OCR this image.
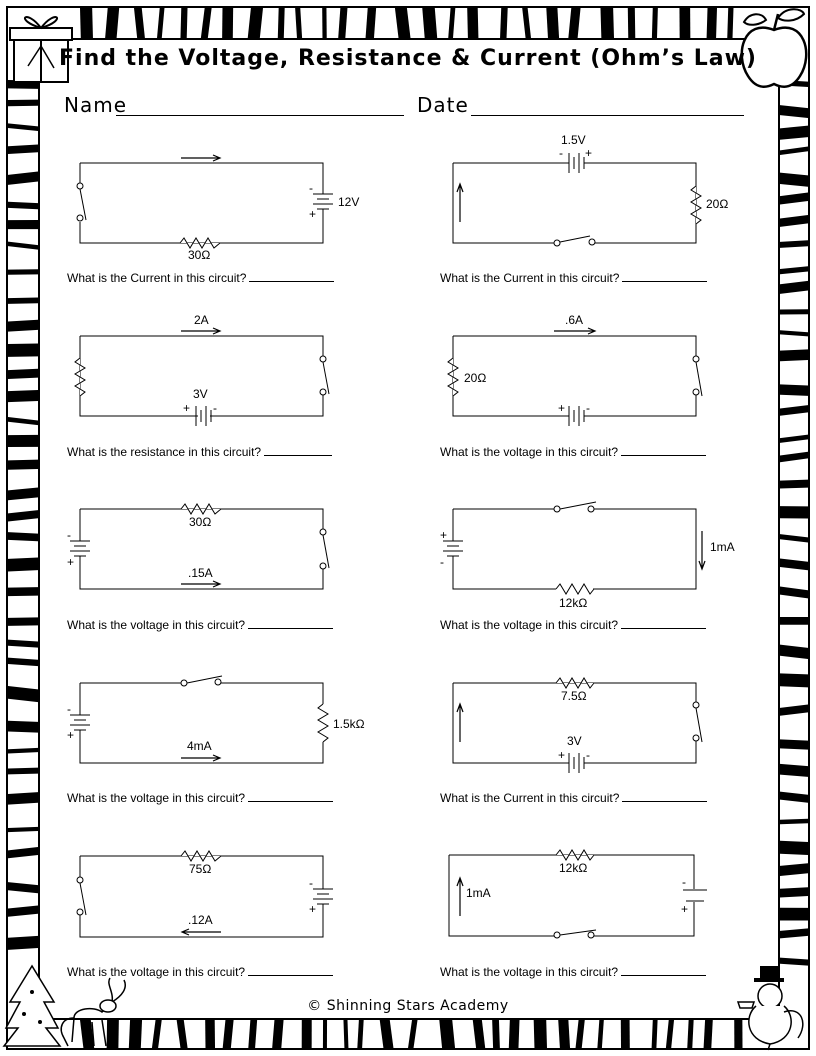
Find the Voltage, Resistance & Current (Ohm’s Law)
Name	Date
12V
30Ω
-
+
1.5V
20Ω
- +
2A
3V
+ -
.6A
20Ω
+ -
30Ω
.15A
-
+
1mA
12kΩ
+
-
1.5kΩ
4mA
-
+
7.5Ω
3V
+ -
75Ω
.12A
-
+
12kΩ
1mA
-
+
What is the Current in this circuit?	What is the Current in this circuit?
What is the resistance in this circuit?	What is the voltage in this circuit?
What is the voltage in this circuit?	What is the voltage in this circuit?
What is the voltage in this circuit?	What is the Current in this circuit?
What is the voltage in this circuit?	What is the voltage in this circuit?
© Shinning Stars Academy
